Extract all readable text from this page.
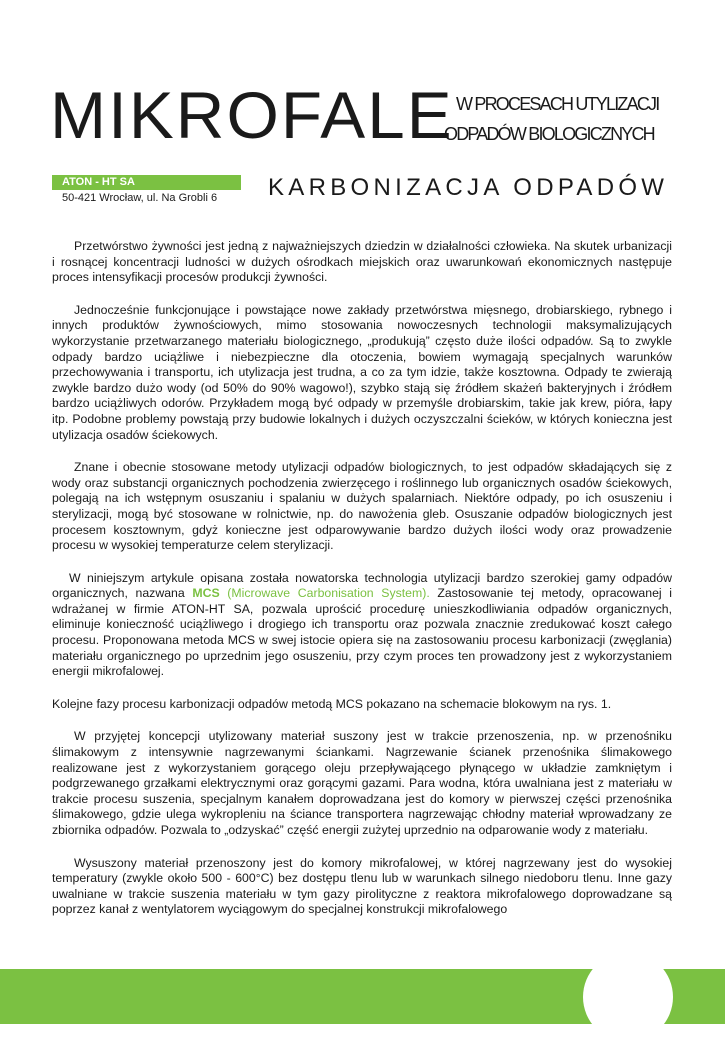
MIKROFALE W PROCESACH UTYLIZACJI
ODPADÓW BIOLOGICZNYCH
ATON - HT SA
50-421 Wrocław, ul. Na Grobli 6 KARBONIZACJA ODPADÓW

Przetwórstwo żywności jest jedną z najważniejszych dziedzin w działalności człowieka. Na skutek urbanizacji i rosnącej koncentracji ludności w dużych ośrodkach miejskich oraz uwarunkowań ekonomicznych następuje proces intensyfikacji procesów produkcji żywności.

Jednocześnie funkcjonujące i powstające nowe zakłady przetwórstwa mięsnego, drobiarskiego, rybnego i innych produktów żywnościowych, mimo stosowania nowoczesnych technologii maksymalizujących wykorzystanie przetwarzanego materiału biologicznego, „produkują” często duże ilości odpadów. Są to zwykle odpady bardzo uciążliwe i niebezpieczne dla otoczenia, bowiem wymagają specjalnych warunków przechowywania i transportu, ich utylizacja jest trudna, a co za tym idzie, także kosztowna. Odpady te zwierają zwykle bardzo dużo wody (od 50% do 90% wagowo!), szybko stają się źródłem skażeń bakteryjnych i źródłem bardzo uciążliwych odorów. Przykładem mogą być odpady w przemyśle drobiarskim, takie jak krew, pióra, łapy itp. Podobne problemy powstają przy budowie lokalnych i dużych oczyszczalni ścieków, w których konieczna jest utylizacja osadów ściekowych.

Znane i obecnie stosowane metody utylizacji odpadów biologicznych, to jest odpadów składających się z wody oraz substancji organicznych pochodzenia zwierzęcego i roślinnego lub organicznych osadów ściekowych, polegają na ich wstępnym osuszaniu i spalaniu w dużych spalarniach. Niektóre odpady, po ich osuszeniu i sterylizacji, mogą być stosowane w rolnictwie, np. do nawożenia gleb. Osuszanie odpadów biologicznych jest procesem kosztownym, gdyż konieczne jest odparowywanie bardzo dużych ilości wody oraz prowadzenie procesu w wysokiej temperaturze celem sterylizacji.

W niniejszym artykule opisana została nowatorska technologia utylizacji bardzo szerokiej gamy odpadów organicznych, nazwana MCS (Microwave Carbonisation System). Zastosowanie tej metody, opracowanej i wdrażanej w firmie ATON-HT SA, pozwala uprościć procedurę unieszkodliwiania odpadów organicznych, eliminuje konieczność uciążliwego i drogiego ich transportu oraz pozwala znacznie zredukować koszt całego procesu. Proponowana metoda MCS w swej istocie opiera się na zastosowaniu procesu karbonizacji (zwęglania) materiału organicznego po uprzednim jego osuszeniu, przy czym proces ten prowadzony jest z wykorzystaniem energii mikrofalowej.

Kolejne fazy procesu karbonizacji odpadów metodą MCS pokazano na schemacie blokowym na rys. 1.

W przyjętej koncepcji utylizowany materiał suszony jest w trakcie przenoszenia, np. w przenośniku ślimakowym z intensywnie nagrzewanymi ściankami. Nagrzewanie ścianek przenośnika ślimakowego realizowane jest z wykorzystaniem gorącego oleju przepływającego płynącego w układzie zamkniętym i podgrzewanego grzałkami elektrycznymi oraz gorącymi gazami. Para wodna, która uwalniana jest z materiału w trakcie procesu suszenia, specjalnym kanałem doprowadzana jest do komory w pierwszej części przenośnika ślimakowego, gdzie ulega wykropleniu na ściance transportera nagrzewając chłodny materiał wprowadzany ze zbiornika odpadów. Pozwala to „odzyskać” część energii zużytej uprzednio na odparowanie wody z materiału.

Wysuszony materiał przenoszony jest do komory mikrofalowej, w której nagrzewany jest do wysokiej temperatury (zwykle około 500 - 600°C) bez dostępu tlenu lub w warunkach silnego niedoboru tlenu. Inne gazy uwalniane w trakcie suszenia materiału w tym gazy pirolityczne z reaktora mikrofalowego doprowadzane są poprzez kanał z wentylatorem wyciągowym do specjalnej konstrukcji mikrofalowego
